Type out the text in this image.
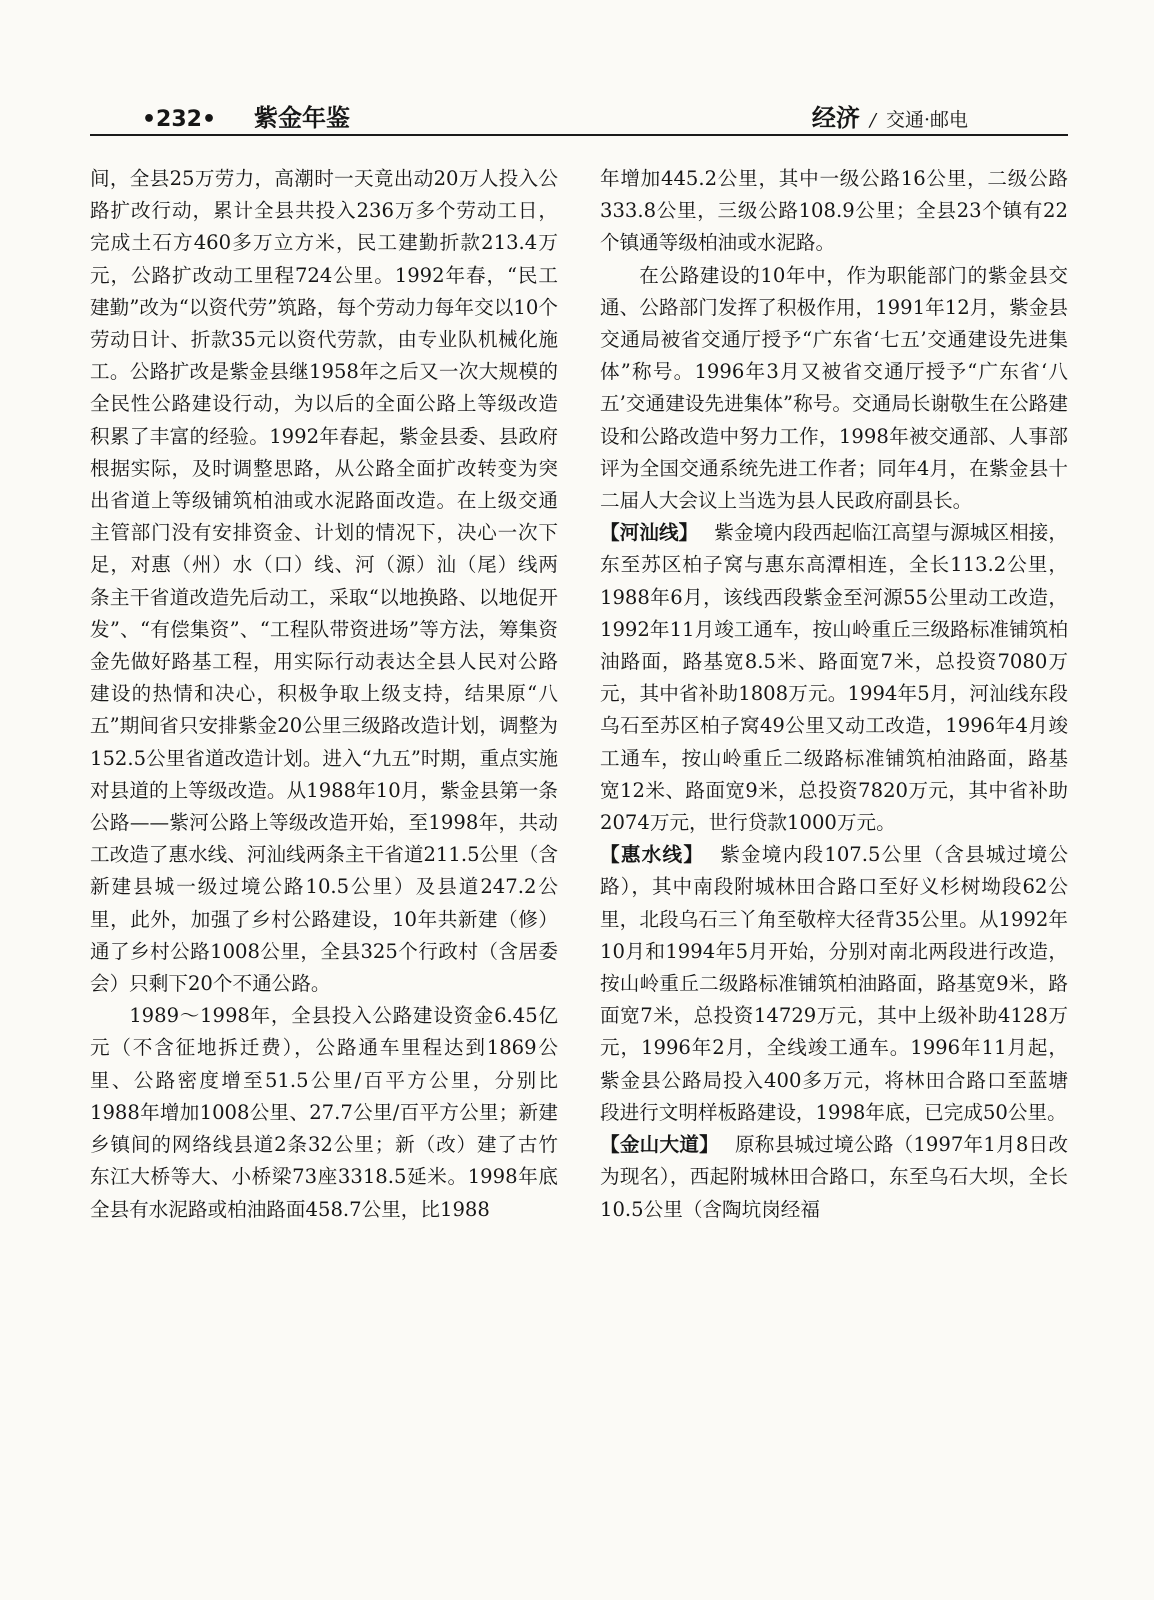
•232• 紫金年鉴	经济 / 交通·邮电

间，全县25万劳力，高潮时一天竟出动20万人投入公路扩改行动，累计全县共投入236万多个劳动工日，完成土石方460多万立方米，民工建勤折款213.4万元，公路扩改动工里程724公里。1992年春，“民工建勤”改为“以资代劳”筑路，每个劳动力每年交以10个劳动日计、折款35元以资代劳款，由专业队机械化施工。公路扩改是紫金县继1958年之后又一次大规模的全民性公路建设行动，为以后的全面公路上等级改造积累了丰富的经验。1992年春起，紫金县委、县政府根据实际，及时调整思路，从公路全面扩改转变为突出省道上等级铺筑柏油或水泥路面改造。在上级交通主管部门没有安排资金、计划的情况下，决心一次下足，对惠（州）水（口）线、河（源）汕（尾）线两条主干省道改造先后动工，采取“以地换路、以地促开发”、“有偿集资”、“工程队带资进场”等方法，筹集资金先做好路基工程，用实际行动表达全县人民对公路建设的热情和决心，积极争取上级支持，结果原“八五”期间省只安排紫金20公里三级路改造计划，调整为152.5公里省道改造计划。进入“九五”时期，重点实施对县道的上等级改造。从1988年10月，紫金县第一条公路——紫河公路上等级改造开始，至1998年，共动工改造了惠水线、河汕线两条主干省道211.5公里（含新建县城一级过境公路10.5公里）及县道247.2公里，此外，加强了乡村公路建设，10年共新建（修）通了乡村公路1008公里，全县325个行政村（含居委会）只剩下20个不通公路。

1989～1998年，全县投入公路建设资金6.45亿元（不含征地拆迁费），公路通车里程达到1869公里、公路密度增至51.5公里/百平方公里，分别比1988年增加1008公里、27.7公里/百平方公里；新建乡镇间的网络线县道2条32公里；新（改）建了古竹东江大桥等大、小桥梁73座3318.5延米。1998年底全县有水泥路或柏油路面458.7公里，比1988

年增加445.2公里，其中一级公路16公里，二级公路333.8公里，三级公路108.9公里；全县23个镇有22个镇通等级柏油或水泥路。

在公路建设的10年中，作为职能部门的紫金县交通、公路部门发挥了积极作用，1991年12月，紫金县交通局被省交通厅授予“广东省‘七五’交通建设先进集体”称号。1996年3月又被省交通厅授予“广东省‘八五’交通建设先进集体”称号。交通局长谢敬生在公路建设和公路改造中努力工作，1998年被交通部、人事部评为全国交通系统先进工作者；同年4月，在紫金县十二届人大会议上当选为县人民政府副县长。

【河汕线】 紫金境内段西起临江高望与源城区相接，东至苏区柏子窝与惠东高潭相连，全长113.2公里，1988年6月，该线西段紫金至河源55公里动工改造，1992年11月竣工通车，按山岭重丘三级路标准铺筑柏油路面，路基宽8.5米、路面宽7米，总投资7080万元，其中省补助1808万元。1994年5月，河汕线东段乌石至苏区柏子窝49公里又动工改造，1996年4月竣工通车，按山岭重丘二级路标准铺筑柏油路面，路基宽12米、路面宽9米，总投资7820万元，其中省补助2074万元，世行贷款1000万元。

【惠水线】 紫金境内段107.5公里（含县城过境公路），其中南段附城林田合路口至好义杉树坳段62公里，北段乌石三丫角至敬梓大径背35公里。从1992年10月和1994年5月开始，分别对南北两段进行改造，按山岭重丘二级路标准铺筑柏油路面，路基宽9米，路面宽7米，总投资14729万元，其中上级补助4128万元，1996年2月，全线竣工通车。1996年11月起，紫金县公路局投入400多万元，将林田合路口至蓝塘段进行文明样板路建设，1998年底，已完成50公里。

【金山大道】 原称县城过境公路（1997年1月8日改为现名），西起附城林田合路口，东至乌石大坝，全长10.5公里（含陶坑岗经福
